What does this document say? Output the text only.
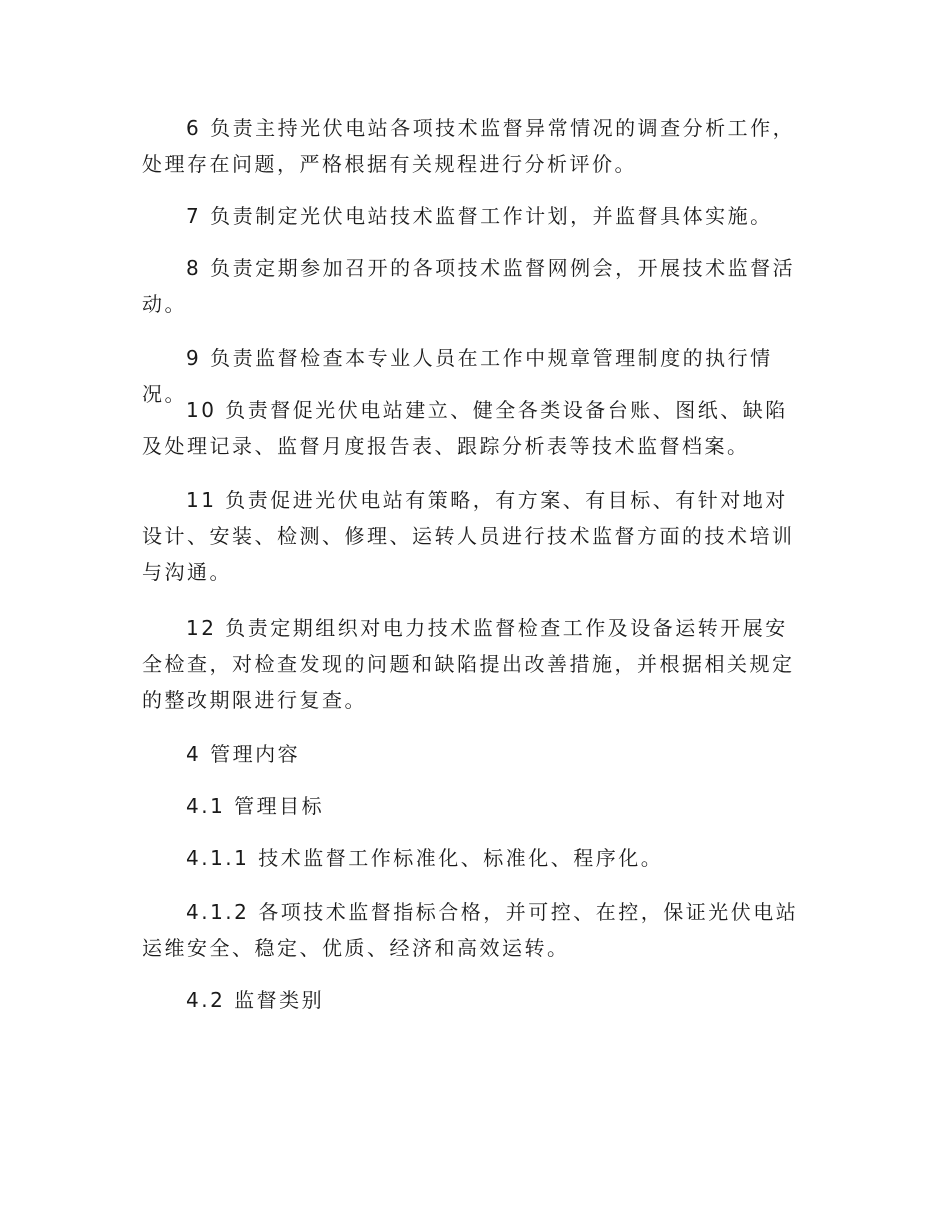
6 负责主持光伏电站各项技术监督异常情况的调查分析工作，处理存在问题，严格根据有关规程进行分析评价。

7 负责制定光伏电站技术监督工作计划，并监督具体实施。

8 负责定期参加召开的各项技术监督网例会，开展技术监督活动。

9 负责监督检查本专业人员在工作中规章管理制度的执行情况。

10 负责督促光伏电站建立、健全各类设备台账、图纸、缺陷及处理记录、监督月度报告表、跟踪分析表等技术监督档案。

11 负责促进光伏电站有策略，有方案、有目标、有针对地对设计、安装、检测、修理、运转人员进行技术监督方面的技术培训与沟通。

12 负责定期组织对电力技术监督检查工作及设备运转开展安全检查，对检查发现的问题和缺陷提出改善措施，并根据相关规定的整改期限进行复查。

4 管理内容

4.1 管理目标

4.1.1 技术监督工作标准化、标准化、程序化。

4.1.2 各项技术监督指标合格，并可控、在控，保证光伏电站运维安全、稳定、优质、经济和高效运转。

4.2 监督类别
